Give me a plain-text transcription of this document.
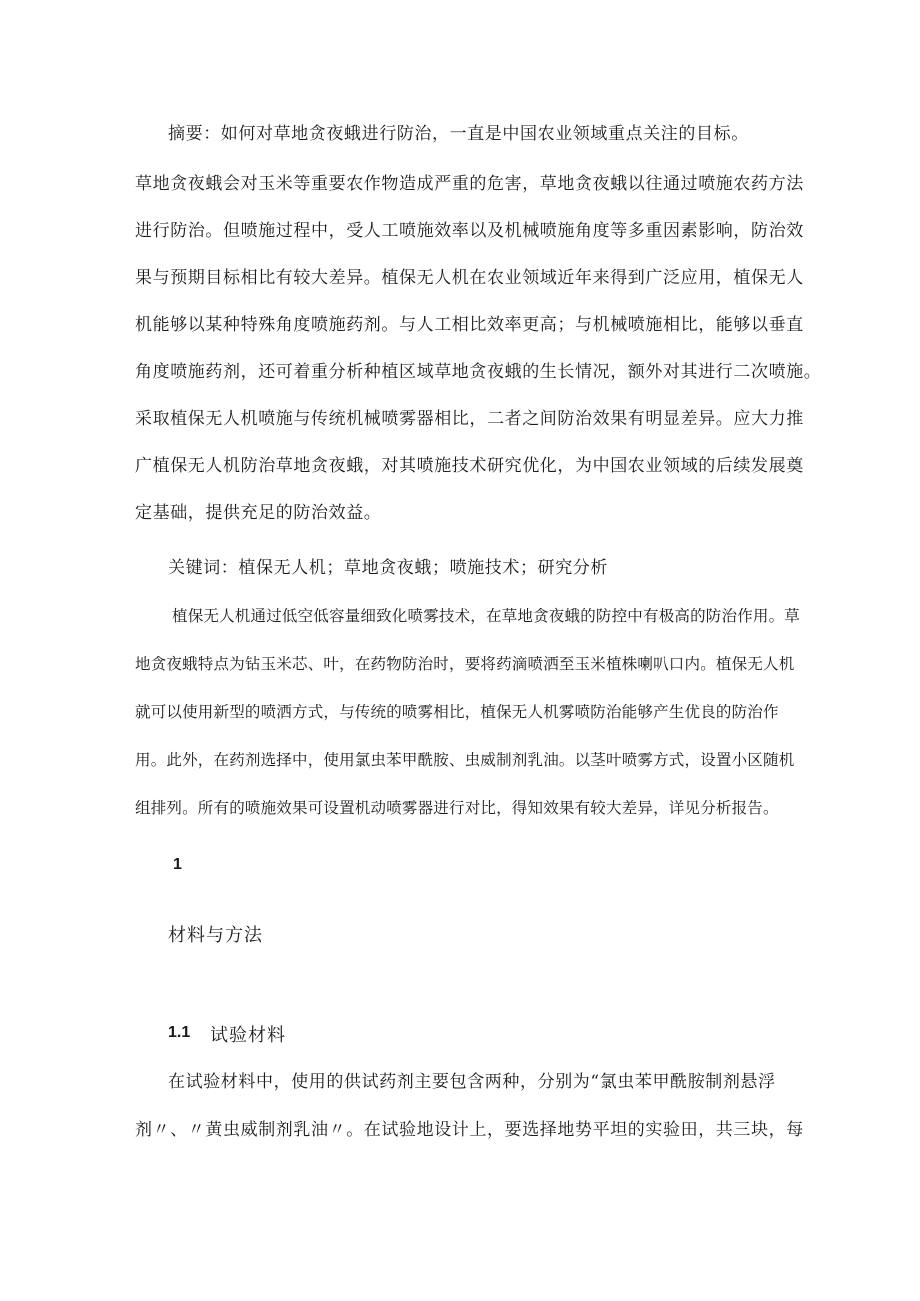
摘要：如何对草地贪夜蛾进行防治，一直是中国农业领域重点关注的目标。

草地贪夜蛾会对玉米等重要农作物造成严重的危害，草地贪夜蛾以往通过喷施农药方法

进行防治。但喷施过程中，受人工喷施效率以及机械喷施角度等多重因素影响，防治效

果与预期目标相比有较大差异。植保无人机在农业领域近年来得到广泛应用，植保无人

机能够以某种特殊角度喷施药剂。与人工相比效率更高；与机械喷施相比，能够以垂直

角度喷施药剂，还可着重分析种植区域草地贪夜蛾的生长情况，额外对其进行二次喷施。

采取植保无人机喷施与传统机械喷雾器相比，二者之间防治效果有明显差异。应大力推

广植保无人机防治草地贪夜蛾，对其喷施技术研究优化，为中国农业领域的后续发展奠

定基础，提供充足的防治效益。

关键词：植保无人机；草地贪夜蛾；喷施技术；研究分析

植保无人机通过低空低容量细致化喷雾技术，在草地贪夜蛾的防控中有极高的防治作用。草

地贪夜蛾特点为钻玉米芯、叶，在药物防治时，要将药滴喷洒至玉米植株喇叭口内。植保无人机

就可以使用新型的喷洒方式，与传统的喷雾相比，植保无人机雾喷防治能够产生优良的防治作

用。此外，在药剂选择中，使用氯虫苯甲酰胺、虫威制剂乳油。以茎叶喷雾方式，设置小区随机

组排列。所有的喷施效果可设置机动喷雾器进行对比，得知效果有较大差异，详见分析报告。

1
材料与方法
1.1 试验材料

在试验材料中，使用的供试药剂主要包含两种，分别为“氯虫苯甲酰胺制剂悬浮

剂〃、〃黄虫威制剂乳油〃。在试验地设计上，要选择地势平坦的实验田，共三块，每
